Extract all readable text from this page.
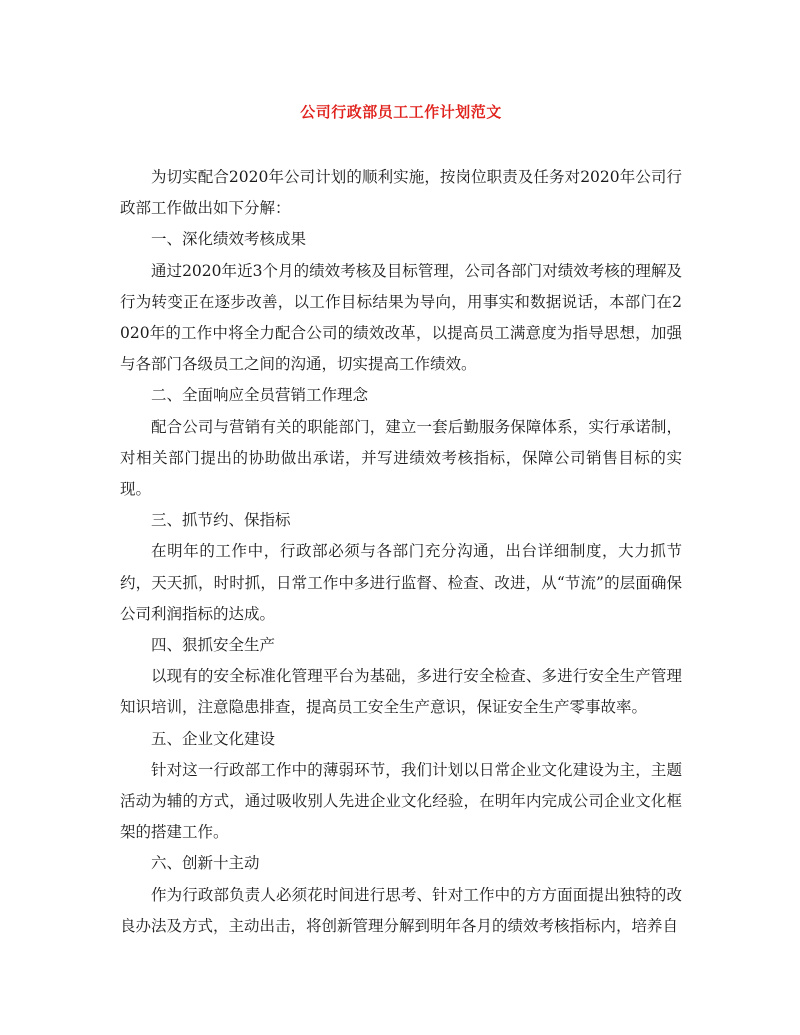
公司行政部员工工作计划范文

为切实配合2020年公司计划的顺利实施，按岗位职责及任务对2020年公司行政部工作做出如下分解：

一、深化绩效考核成果

通过2020年近3个月的绩效考核及目标管理，公司各部门对绩效考核的理解及行为转变正在逐步改善，以工作目标结果为导向，用事实和数据说话，本部门在2020年的工作中将全力配合公司的绩效改革，以提高员工满意度为指导思想，加强与各部门各级员工之间的沟通，切实提高工作绩效。

二、全面响应全员营销工作理念

配合公司与营销有关的职能部门，建立一套后勤服务保障体系，实行承诺制，对相关部门提出的协助做出承诺，并写进绩效考核指标，保障公司销售目标的实现。

三、抓节约、保指标

在明年的工作中，行政部必须与各部门充分沟通，出台详细制度，大力抓节约，天天抓，时时抓，日常工作中多进行监督、检查、改进，从“节流”的层面确保公司利润指标的达成。

四、狠抓安全生产

以现有的安全标准化管理平台为基础，多进行安全检查、多进行安全生产管理知识培训，注意隐患排查，提高员工安全生产意识，保证安全生产零事故率。

五、企业文化建设

针对这一行政部工作中的薄弱环节，我们计划以日常企业文化建设为主，主题活动为辅的方式，通过吸收别人先进企业文化经验，在明年内完成公司企业文化框架的搭建工作。

六、创新十主动

作为行政部负责人必须花时间进行思考、针对工作中的方方面面提出独特的改良办法及方式，主动出击，将创新管理分解到明年各月的绩效考核指标内，培养自
